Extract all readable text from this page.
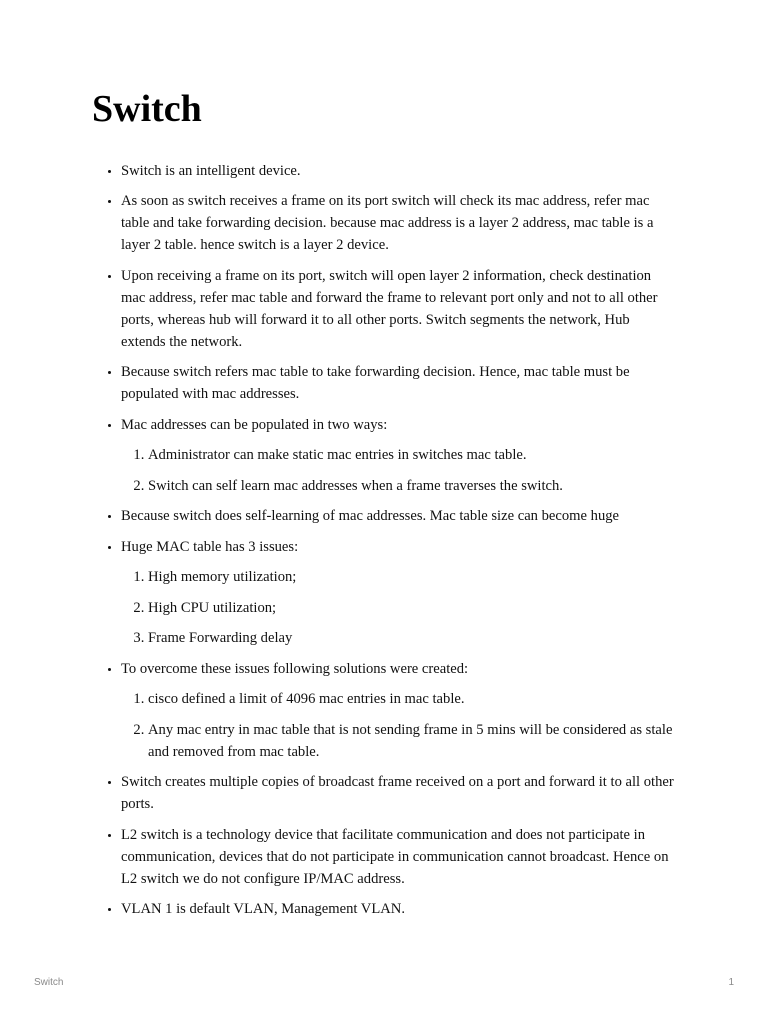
Switch
• Switch is an intelligent device.
• As soon as switch receives a frame on its port switch will check its mac address, refer mac table and take forwarding decision. because mac address is a layer 2 address, mac table is a layer 2 table. hence switch is a layer 2 device.
• Upon receiving a frame on its port, switch will open layer 2 information, check destination mac address, refer mac table and forward the frame to relevant port only and not to all other ports, whereas hub will forward it to all other ports. Switch segments the network, Hub extends the network.
• Because switch refers mac table to take forwarding decision. Hence, mac table must be populated with mac addresses.
• Mac addresses can be populated in two ways:
1. Administrator can make static mac entries in switches mac table.
2. Switch can self learn mac addresses when a frame traverses the switch.
• Because switch does self-learning of mac addresses. Mac table size can become huge
• Huge MAC table has 3 issues:
1. High memory utilization;
2. High CPU utilization;
3. Frame Forwarding delay
• To overcome these issues following solutions were created:
1. cisco defined a limit of 4096 mac entries in mac table.
2. Any mac entry in mac table that is not sending frame in 5 mins will be considered as stale and removed from mac table.
• Switch creates multiple copies of broadcast frame received on a port and forward it to all other ports.
• L2 switch is a technology device that facilitate communication and does not participate in communication, devices that do not participate in communication cannot broadcast. Hence on L2 switch we do not configure IP/MAC address.
• VLAN 1 is default VLAN, Management VLAN.
Switch	1
